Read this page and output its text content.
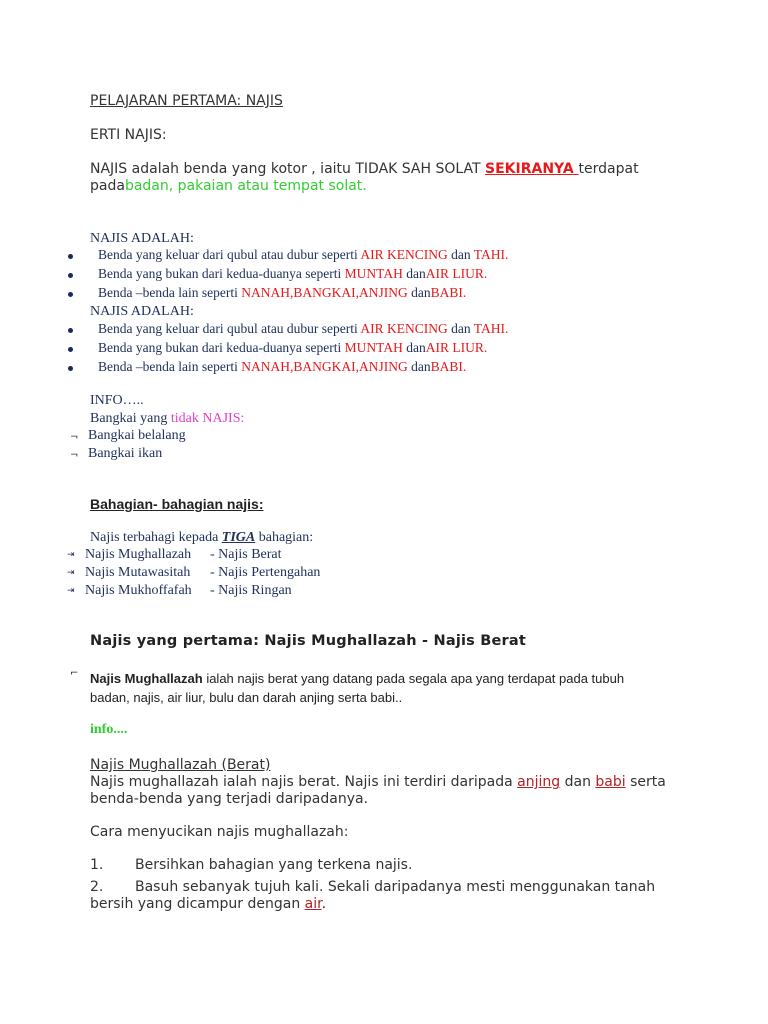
PELAJARAN PERTAMA: NAJIS
ERTI NAJIS:
NAJIS adalah benda yang kotor , iaitu TIDAK SAH SOLAT SEKIRANYA terdapat
padabadan, pakaian atau tempat solat.
NAJIS ADALAH:
Benda yang keluar dari qubul atau dubur seperti AIR KENCING dan TAHI.
Benda yang bukan dari kedua-duanya seperti MUNTAH danAIR LIUR.
Benda –benda lain seperti NANAH,BANGKAI,ANJING danBABI.
NAJIS ADALAH:
Benda yang keluar dari qubul atau dubur seperti AIR KENCING dan TAHI.
Benda yang bukan dari kedua-duanya seperti MUNTAH danAIR LIUR.
Benda –benda lain seperti NANAH,BANGKAI,ANJING danBABI.
INFO…..
Bangkai yang tidak NAJIS:
¬ Bangkai belalang
¬ Bangkai ikan
Bahagian- bahagian najis:
Najis terbahagi kepada TIGA bahagian:
⇥ Najis Mughallazah - Najis Berat
⇥ Najis Mutawasitah - Najis Pertengahan
⇥ Najis Mukhoffafah - Najis Ringan
Najis yang pertama: Najis Mughallazah - Najis Berat
⌐ Najis Mughallazah ialah najis berat yang datang pada segala apa yang terdapat pada tubuh
badan, najis, air liur, bulu dan darah anjing serta babi..
info....
Najis Mughallazah (Berat)
Najis mughallazah ialah najis berat. Najis ini terdiri daripada anjing dan babi serta
benda-benda yang terjadi daripadanya.
Cara menyucikan najis mughallazah:
1. Bersihkan bahagian yang terkena najis.
2. Basuh sebanyak tujuh kali. Sekali daripadanya mesti menggunakan tanah
bersih yang dicampur dengan air.
